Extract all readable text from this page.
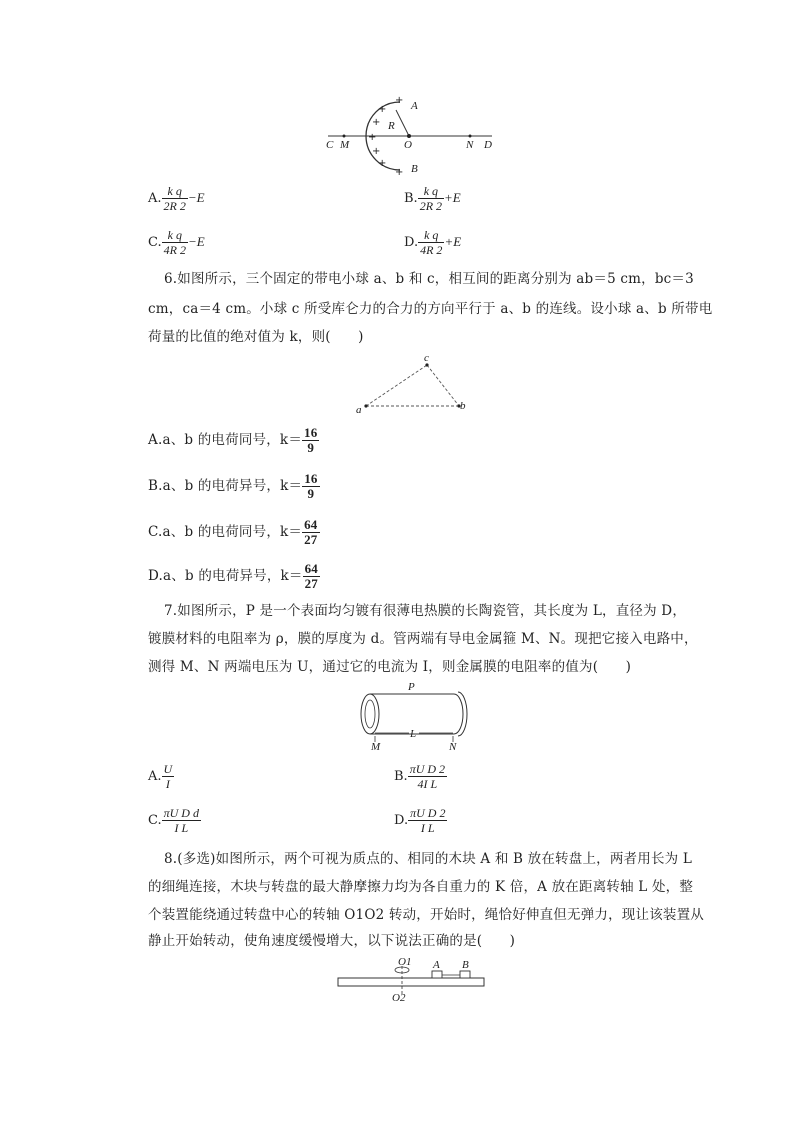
A
B
R
O
C M	N D
+
+
+
+
+
+
+
A. $\frac{\text{k q}}{2R 2} -E$	B. $\frac{\text{k q}}{2R 2} +E$
C. $\frac{\text{k q}}{4R 2} -E$	D. $\frac{\text{k q}}{4R 2} +E$
6.如图所示，三个固定的带电小球 a、b 和 c，相互间的距离分别为 ab＝5 cm，bc＝3
cm，ca＝4 cm。小球 c 所受库仑力的合力的方向平行于 a、b 的连线。设小球 a、b 所带电
荷量的比值的绝对值为 k，则(　　)
a	b
c
A.a、b 的电荷同号，$k= \frac{16}{9}$
B.a、b 的电荷异号，$k= \frac{16}{9}$
C.a、b 的电荷同号，$k= \frac{64}{27}$
D.a、b 的电荷异号，$k= \frac{64}{27}$
7.如图所示，P 是一个表面均匀镀有很薄电热膜的长陶瓷管，其长度为 L，直径为 D，
镀膜材料的电阻率为 ρ，膜的厚度为 d。管两端有导电金属箍 M、N。现把它接入电路中，
测得 M、N 两端电压为 U，通过它的电流为 I，则金属膜的电阻率的值为(　　)
P
L
M	N
A. $\frac{U}{I}$	B. $\frac{\text{πU D 2}}{\text{4I L}}$
C. $\frac{\text{πU D d}}{\text{I L}}$	D. $\frac{\text{πU D 2}}{\text{I L}}$
8.(多选)如图所示，两个可视为质点的、相同的木块 A 和 B 放在转盘上，两者用长为 L
的细绳连接，木块与转盘的最大静摩擦力均为各自重力的 K 倍，A 放在距离转轴 L 处，整
个装置能绕通过转盘中心的转轴 O1O2 转动，开始时，绳恰好伸直但无弹力，现让该装置从
静止开始转动，使角速度缓慢增大，以下说法正确的是(　　)
O1
O2
A B
